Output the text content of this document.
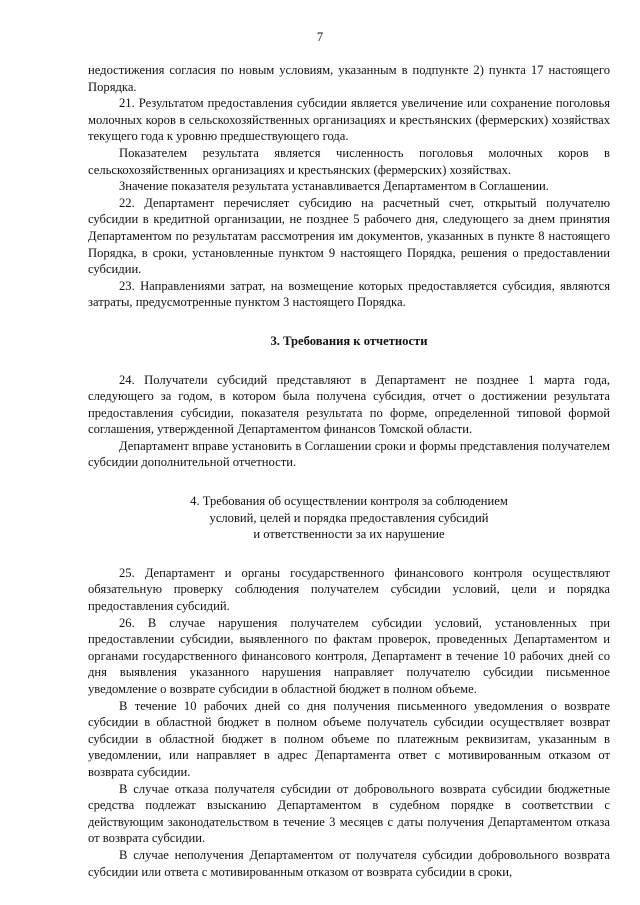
7

недостижения согласия по новым условиям, указанным в подпункте 2) пункта 17 настоящего Порядка.

21. Результатом предоставления субсидии является увеличение или сохранение поголовья молочных коров в сельскохозяйственных организациях и крестьянских (фермерских) хозяйствах текущего года к уровню предшествующего года.

Показателем результата является численность поголовья молочных коров в сельскохозяйственных организациях и крестьянских (фермерских) хозяйствах.

Значение показателя результата устанавливается Департаментом в Соглашении.

22. Департамент перечисляет субсидию на расчетный счет, открытый получателю субсидии в кредитной организации, не позднее 5 рабочего дня, следующего за днем принятия Департаментом по результатам рассмотрения им документов, указанных в пункте 8 настоящего Порядка, в сроки, установленные пунктом 9 настоящего Порядка, решения о предоставлении субсидии.

23. Направлениями затрат, на возмещение которых предоставляется субсидия, являются затраты, предусмотренные пунктом 3 настоящего Порядка.

3. Требования к отчетности

24. Получатели субсидий представляют в Департамент не позднее 1 марта года, следующего за годом, в котором была получена субсидия, отчет о достижении результата предоставления субсидии, показателя результата по форме, определенной типовой формой соглашения, утвержденной Департаментом финансов Томской области.

Департамент вправе установить в Соглашении сроки и формы представления получателем субсидии дополнительной отчетности.

4. Требования об осуществлении контроля за соблюдением
условий, целей и порядка предоставления субсидий
и ответственности за их нарушение

25. Департамент и органы государственного финансового контроля осуществляют обязательную проверку соблюдения получателем субсидии условий, цели и порядка предоставления субсидий.

26. В случае нарушения получателем субсидии условий, установленных при предоставлении субсидии, выявленного по фактам проверок, проведенных Департаментом и органами государственного финансового контроля, Департамент в течение 10 рабочих дней со дня выявления указанного нарушения направляет получателю субсидии письменное уведомление о возврате субсидии в областной бюджет в полном объеме.

В течение 10 рабочих дней со дня получения письменного уведомления о возврате субсидии в областной бюджет в полном объеме получатель субсидии осуществляет возврат субсидии в областной бюджет в полном объеме по платежным реквизитам, указанным в уведомлении, или направляет в адрес Департамента ответ с мотивированным отказом от возврата субсидии.

В случае отказа получателя субсидии от добровольного возврата субсидии бюджетные средства подлежат взысканию Департаментом в судебном порядке в соответствии с действующим законодательством в течение 3 месяцев с даты получения Департаментом отказа от возврата субсидии.

В случае неполучения Департаментом от получателя субсидии добровольного возврата субсидии или ответа с мотивированным отказом от возврата субсидии в сроки,
